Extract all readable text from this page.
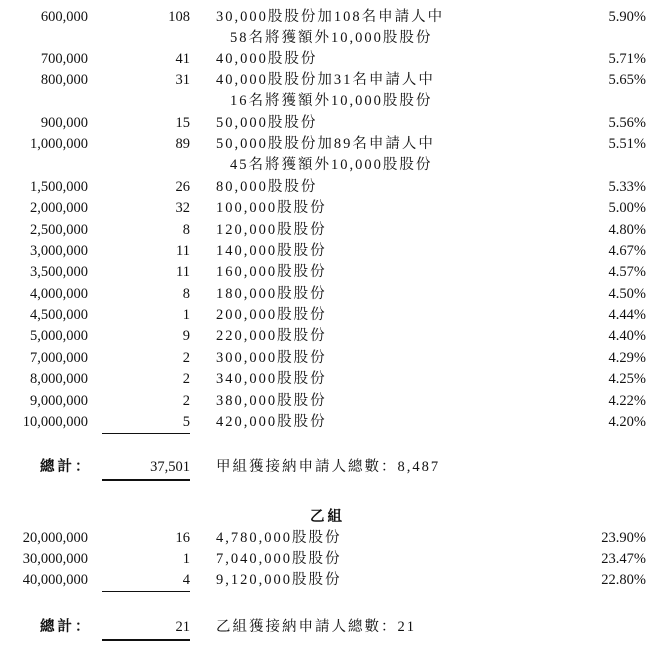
600,000	108 30,000股股份加108名申請人中	5.90%
58名將獲額外10,000股股份
700,000	41 40,000股股份	5.71%
800,000	31 40,000股股份加31名申請人中	5.65%
16名將獲額外10,000股股份
900,000	15 50,000股股份	5.56%
1,000,000	89 50,000股股份加89名申請人中	5.51%
45名將獲額外10,000股股份
1,500,000	26 80,000股股份	5.33%
2,000,000	32 100,000股股份	5.00%
2,500,000	8 120,000股股份	4.80%
3,000,000	11 140,000股股份	4.67%
3,500,000	11 160,000股股份	4.57%
4,000,000	8 180,000股股份	4.50%
4,500,000	1 200,000股股份	4.44%
5,000,000	9 220,000股股份	4.40%
7,000,000	2 300,000股股份	4.29%
8,000,000	2 340,000股股份	4.25%
9,000,000	2 380,000股股份	4.22%
10,000,000	5 420,000股股份	4.20%
總計：	37,501 甲組獲接納申請人總數：8,487
乙組
20,000,000	16 4,780,000股股份	23.90%
30,000,000	1 7,040,000股股份	23.47%
40,000,000	4 9,120,000股股份	22.80%
總計：	21 乙組獲接納申請人總數：21
